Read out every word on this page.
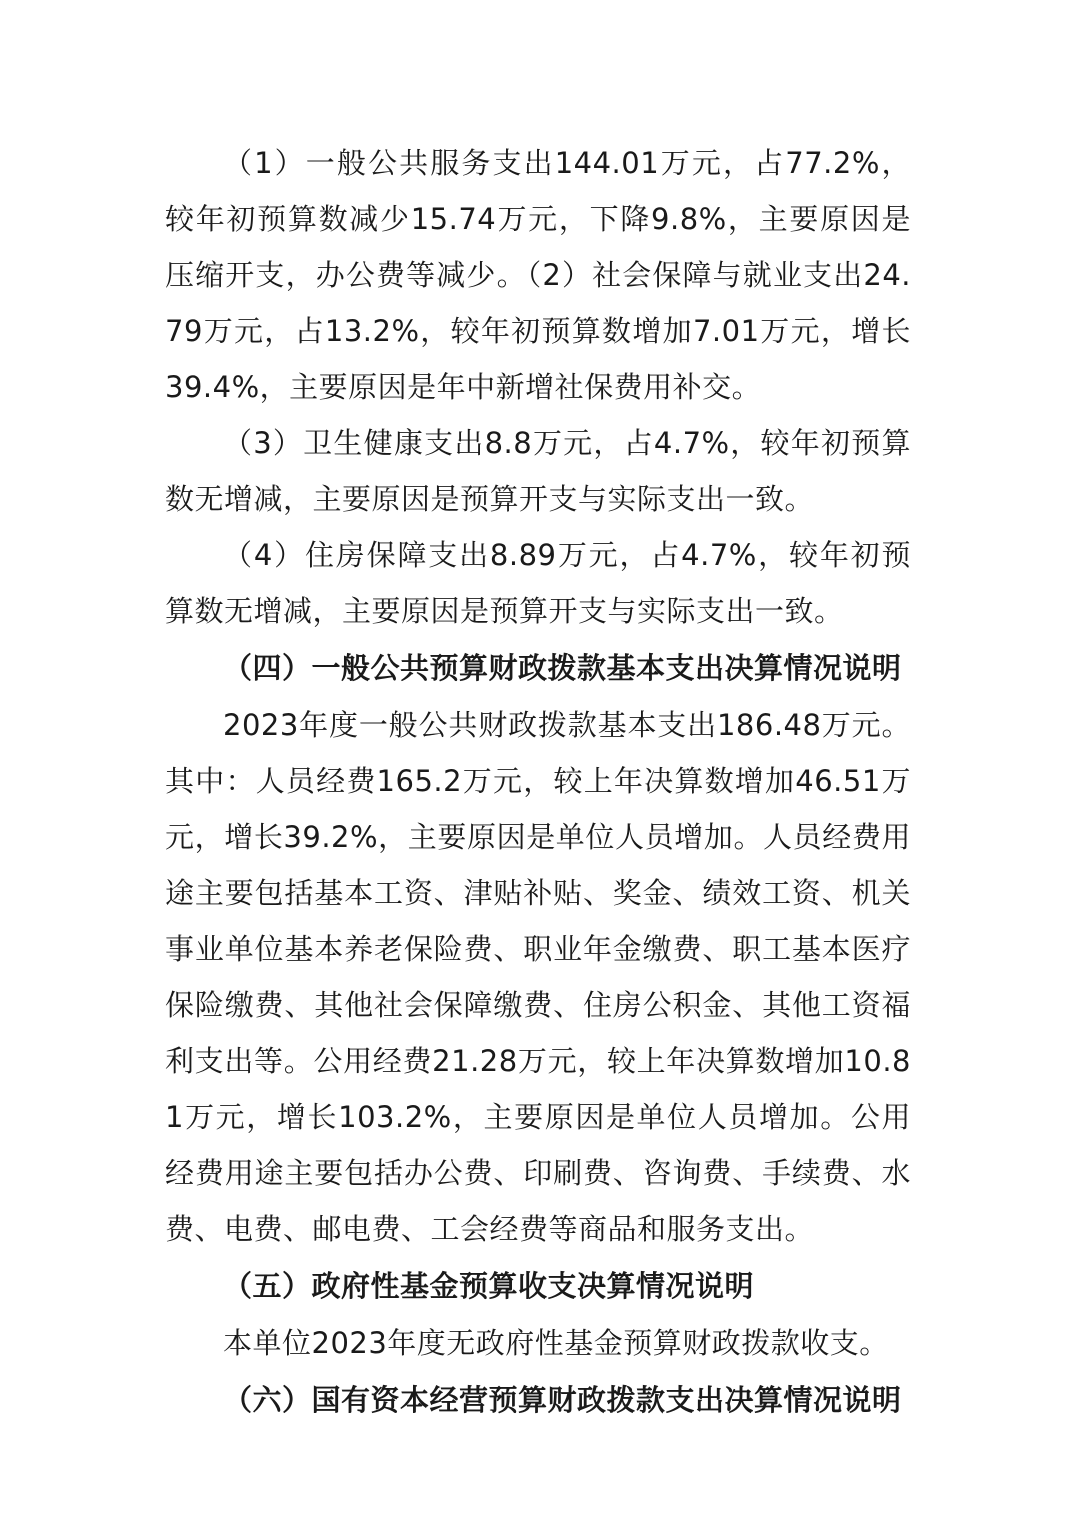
（1）一般公共服务支出144.01万元，占77.2%，较年初预算数减少15.74万元，下降9.8%，主要原因是压缩开支，办公费等减少。（2）社会保障与就业支出24.79万元，占13.2%，较年初预算数增加7.01万元，增长39.4%，主要原因是年中新增社保费用补交。

（3）卫生健康支出8.8万元，占4.7%，较年初预算数无增减，主要原因是预算开支与实际支出一致。

（4）住房保障支出8.89万元，占4.7%，较年初预算数无增减，主要原因是预算开支与实际支出一致。

（四）一般公共预算财政拨款基本支出决算情况说明

2023年度一般公共财政拨款基本支出186.48万元。其中：人员经费165.2万元，较上年决算数增加46.51万元，增长39.2%，主要原因是单位人员增加。人员经费用途主要包括基本工资、津贴补贴、奖金、绩效工资、机关事业单位基本养老保险费、职业年金缴费、职工基本医疗保险缴费、其他社会保障缴费、住房公积金、其他工资福利支出等。公用经费21.28万元，较上年决算数增加10.81万元，增长103.2%，主要原因是单位人员增加。公用经费用途主要包括办公费、印刷费、咨询费、手续费、水费、电费、邮电费、工会经费等商品和服务支出。

（五）政府性基金预算收支决算情况说明

本单位2023年度无政府性基金预算财政拨款收支。

（六）国有资本经营预算财政拨款支出决算情况说明
